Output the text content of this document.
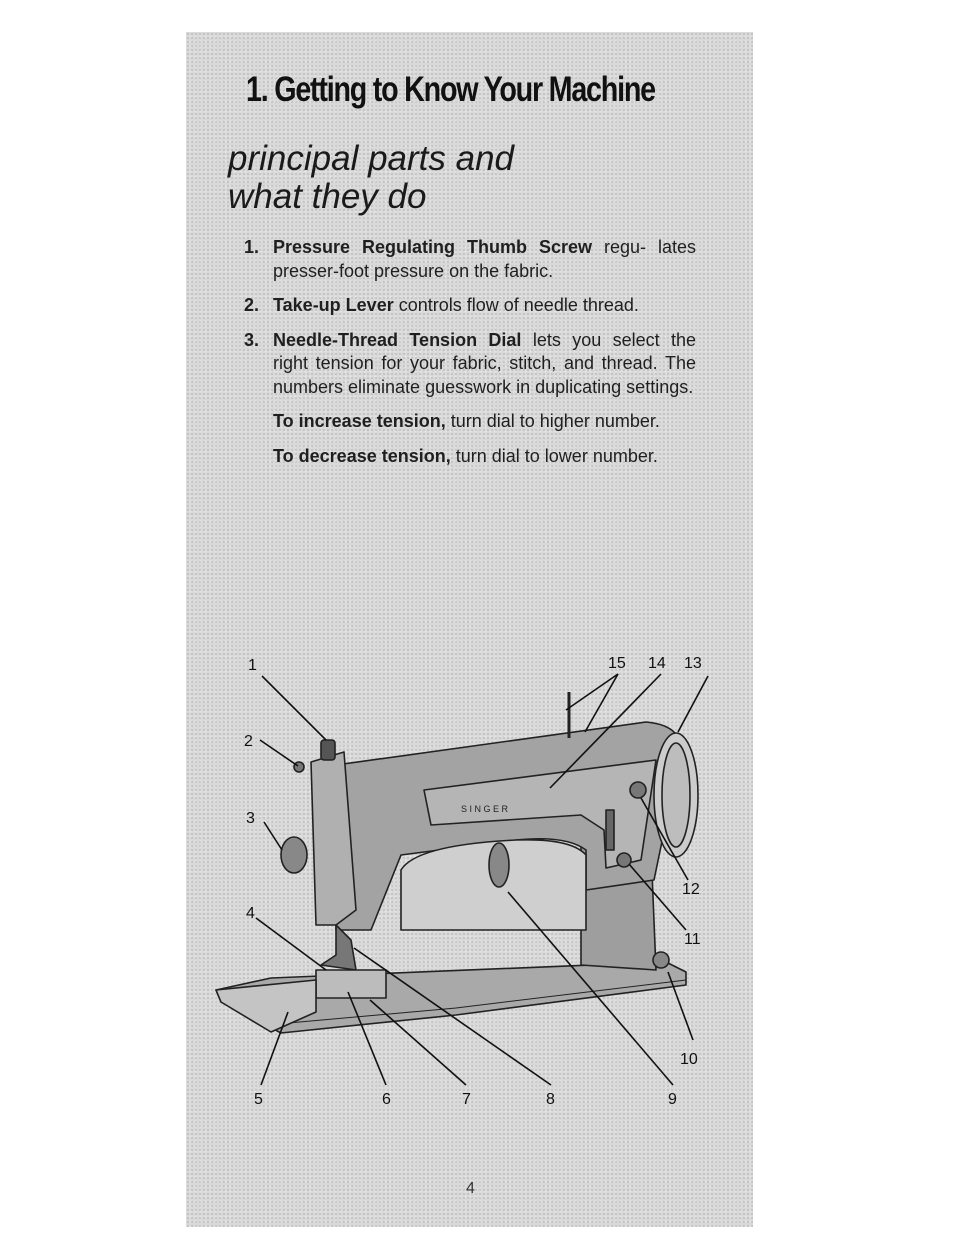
1. Getting to Know Your Machine
principal parts and
what they do
1. Pressure Regulating Thumb Screw regu- lates presser-foot pressure on the fabric.
2. Take-up Lever controls flow of needle thread.
3. Needle-Thread Tension Dial lets you select the right tension for your fabric, stitch, and thread. The numbers eliminate guesswork in duplicating settings.
To increase tension, turn dial to higher number.
To decrease tension, turn dial to lower number.
S I N G E R
1
2
3
4
5	6	7	8	9
10
11
12
13
14
15
4
